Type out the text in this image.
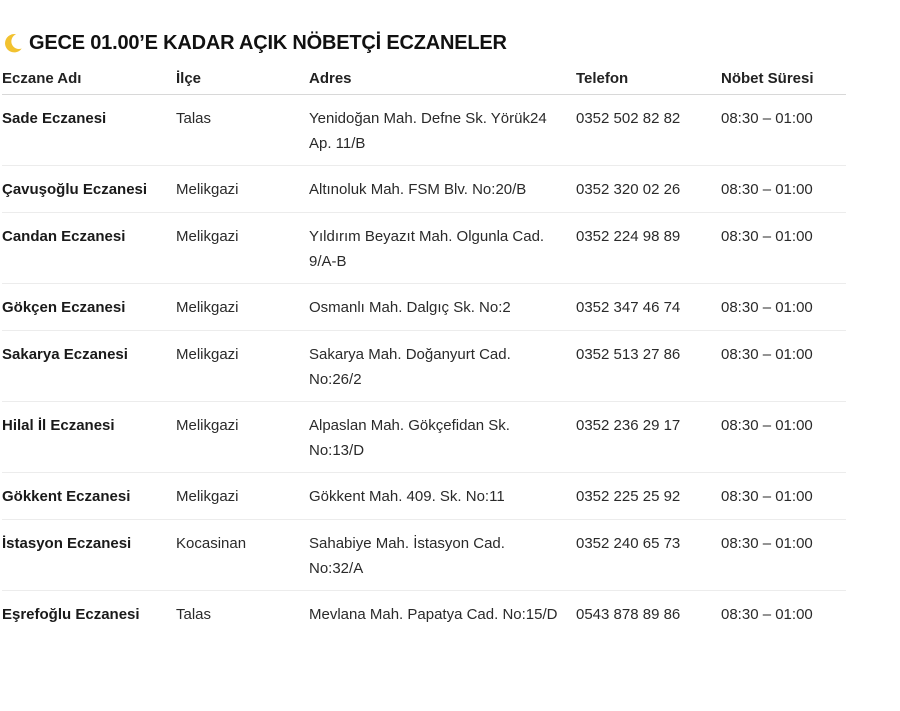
GECE 01.00’E KADAR AÇIK NÖBETÇİ ECZANELER
Eczane Adı	İlçe	Adres	Telefon	Nöbet Süresi
Sade Eczanesi	Talas	Yenidoğan Mah. Defne Sk. Yörük24 Ap. 11/B	0352 502 82 82	08:30 – 01:00
Çavuşoğlu Eczanesi	Melikgazi	Altınoluk Mah. FSM Blv. No:20/B	0352 320 02 26	08:30 – 01:00
Candan Eczanesi	Melikgazi	Yıldırım Beyazıt Mah. Olgunla Cad. 9/A-B	0352 224 98 89	08:30 – 01:00
Gökçen Eczanesi	Melikgazi	Osmanlı Mah. Dalgıç Sk. No:2	0352 347 46 74	08:30 – 01:00
Sakarya Eczanesi	Melikgazi	Sakarya Mah. Doğanyurt Cad. No:26/2	0352 513 27 86	08:30 – 01:00
Hilal İl Eczanesi	Melikgazi	Alpaslan Mah. Gökçefidan Sk. No:13/D	0352 236 29 17	08:30 – 01:00
Gökkent Eczanesi	Melikgazi	Gökkent Mah. 409. Sk. No:11	0352 225 25 92	08:30 – 01:00
İstasyon Eczanesi	Kocasinan	Sahabiye Mah. İstasyon Cad. No:32/A	0352 240 65 73	08:30 – 01:00
Eşrefoğlu Eczanesi	Talas	Mevlana Mah. Papatya Cad. No:15/D	0543 878 89 86	08:30 – 01:00
